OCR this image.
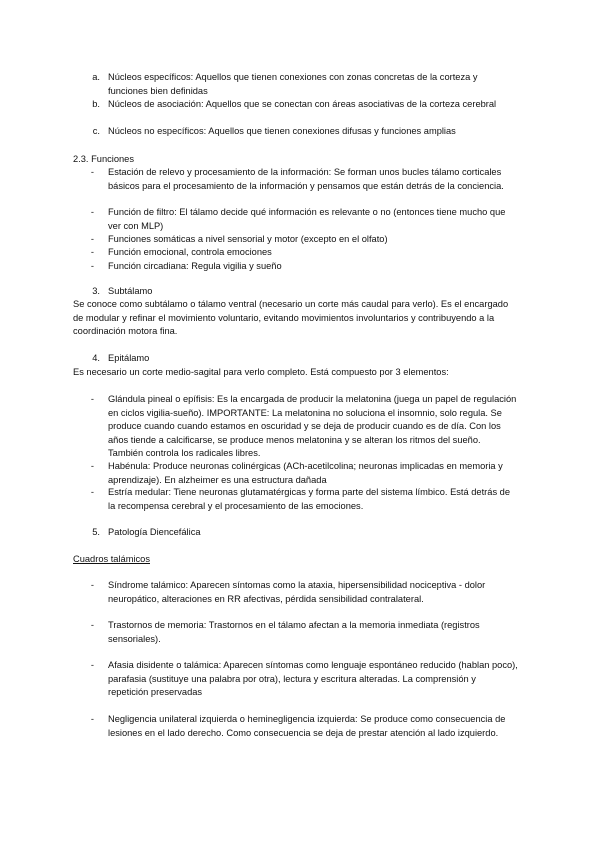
a. Núcleos específicos: Aquellos que tienen conexiones con zonas concretas de la corteza y funciones bien definidas

b. Núcleos de asociación: Aquellos que se conectan con áreas asociativas de la corteza cerebral

c. Núcleos no específicos: Aquellos que tienen conexiones difusas y funciones amplias

2.3. Funciones

- Estación de relevo y procesamiento de la información: Se forman unos bucles tálamo corticales básicos para el procesamiento de la información y pensamos que están detrás de la conciencia.

- Función de filtro: El tálamo decide qué información es relevante o no (entonces tiene mucho que ver con MLP)

- Funciones somáticas a nivel sensorial y motor (excepto en el olfato)

- Función emocional, controla emociones

- Función circadiana: Regula vigilia y sueño

3. Subtálamo

Se conoce como subtálamo o tálamo ventral (necesario un corte más caudal para verlo). Es el encargado de modular y refinar el movimiento voluntario, evitando movimientos involuntarios y contribuyendo a la coordinación motora fina.

4. Epitálamo

Es necesario un corte medio-sagital para verlo completo. Está compuesto por 3 elementos:

- Glándula pineal o epífisis: Es la encargada de producir la melatonina (juega un papel de regulación en ciclos vigilia-sueño). IMPORTANTE: La melatonina no soluciona el insomnio, solo regula. Se produce cuando cuando estamos en oscuridad y se deja de producir cuando es de día. Con los años tiende a calcificarse, se produce menos melatonina y se alteran los ritmos del sueño. También controla los radicales libres.

- Habénula: Produce neuronas colinérgicas (ACh-acetilcolina; neuronas implicadas en memoria y aprendizaje). En alzheimer es una estructura dañada

- Estría medular: Tiene neuronas glutamatérgicas y forma parte del sistema límbico. Está detrás de la recompensa cerebral y el procesamiento de las emociones.

5. Patología Diencefálica

Cuadros talámicos

- Síndrome talámico: Aparecen síntomas como la ataxia, hipersensibilidad nociceptiva - dolor neuropático, alteraciones en RR afectivas, pérdida sensibilidad contralateral.

- Trastornos de memoria: Trastornos en el tálamo afectan a la memoria inmediata (registros sensoriales).

- Afasia disidente o talámica: Aparecen síntomas como lenguaje espontáneo reducido (hablan poco), parafasia (sustituye una palabra por otra), lectura y escritura alteradas. La comprensión y repetición preservadas

- Negligencia unilateral izquierda o heminegligencia izquierda: Se produce como consecuencia de lesiones en el lado derecho. Como consecuencia se deja de prestar atención al lado izquierdo.
